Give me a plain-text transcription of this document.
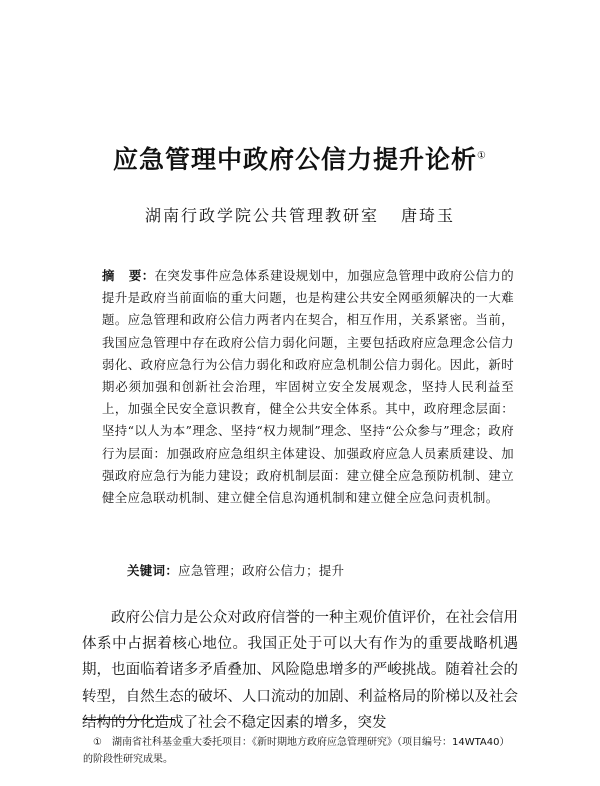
应急管理中政府公信力提升论析①
湖南行政学院公共管理教研室 唐琦玉
摘 要：在突发事件应急体系建设规划中，加强应急管理中政府公信力的提升是政府当前面临的重大问题，也是构建公共安全网亟须解决的一大难题。应急管理和政府公信力两者内在契合，相互作用，关系紧密。当前，我国应急管理中存在政府公信力弱化问题，主要包括政府应急理念公信力弱化、政府应急行为公信力弱化和政府应急机制公信力弱化。因此，新时期必须加强和创新社会治理，牢固树立安全发展观念，坚持人民利益至上，加强全民安全意识教育，健全公共安全体系。其中，政府理念层面：坚持“以人为本”理念、坚持“权力规制”理念、坚持“公众参与”理念；政府行为层面：加强政府应急组织主体建设、加强政府应急人员素质建设、加强政府应急行为能力建设；政府机制层面：建立健全应急预防机制、建立健全应急联动机制、建立健全信息沟通机制和建立健全应急问责机制。
关键词：应急管理；政府公信力；提升
政府公信力是公众对政府信誉的一种主观价值评价，在社会信用体系中占据着核心地位。我国正处于可以大有作为的重要战略机遇期，也面临着诸多矛盾叠加、风险隐患增多的严峻挑战。随着社会的转型，自然生态的破坏、人口流动的加剧、利益格局的阶梯以及社会结构的分化造成了社会不稳定因素的增多，突发
① 湖南省社科基金重大委托项目：《新时期地方政府应急管理研究》（项目编号：14WTA40）的阶段性研究成果。
